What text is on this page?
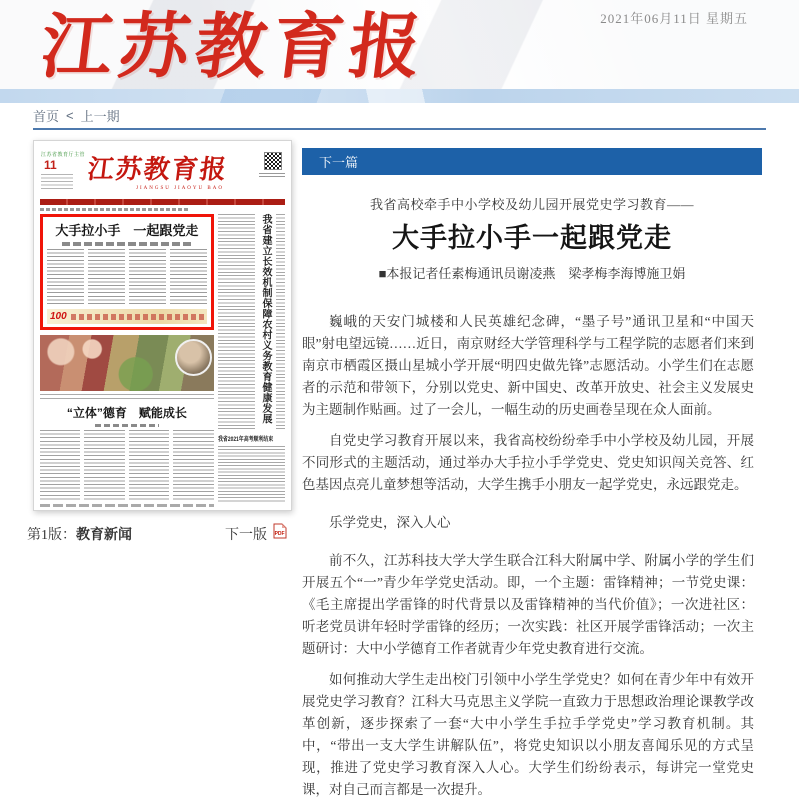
2021年06月11日 星期五
江苏教育报
首页 < 上一期
江苏省教育厅主管
11 江苏教育报
JIANGSU JIAOYU BAO
大手拉小手　一起跟党走
100
“立体”德育　赋能成长	我省建立长效机制保障农村义务教育健康发展
我省2021年高考顺利结束
第1版： 教育新闻	下一版 PDF
下一篇
我省高校牵手中小学校及幼儿园开展党史学习教育——
大手拉小手一起跟党走
■本报记者任素梅通讯员谢凌燕　梁孝梅李海博施卫娟

巍峨的天安门城楼和人民英雄纪念碑，“墨子号”通讯卫星和“中国天眼”射电望远镜……近日，南京财经大学管理科学与工程学院的志愿者们来到南京市栖霞区摄山星城小学开展“明四史做先锋”志愿活动。小学生们在志愿者的示范和带领下，分别以党史、新中国史、改革开放史、社会主义发展史为主题制作贴画。过了一会儿，一幅生动的历史画卷呈现在众人面前。

自党史学习教育开展以来，我省高校纷纷牵手中小学校及幼儿园，开展不同形式的主题活动，通过举办大手拉小手学党史、党史知识闯关竞答、红色基因点亮儿童梦想等活动，大学生携手小朋友一起学党史，永远跟党走。

乐学党史，深入人心

前不久，江苏科技大学大学生联合江科大附属中学、附属小学的学生们开展五个“一”青少年学党史活动。即，一个主题：雷锋精神；一节党史课：《毛主席提出学雷锋的时代背景以及雷锋精神的当代价值》；一次进社区：听老党员讲年轻时学雷锋的经历；一次实践：社区开展学雷锋活动；一次主题研讨：大中小学德育工作者就青少年党史教育进行交流。

如何推动大学生走出校门引领中小学生学党史？如何在青少年中有效开展党史学习教育？江科大马克思主义学院一直致力于思想政治理论课教学改革创新，逐步探索了一套“大中小学生手拉手学党史”学习教育机制。其中，“带出一支大学生讲解队伍”，将党史知识以小朋友喜闻乐见的方式呈现，推进了党史学习教育深入人心。大学生们纷纷表示，每讲完一堂党史课，对自己而言都是一次提升。
